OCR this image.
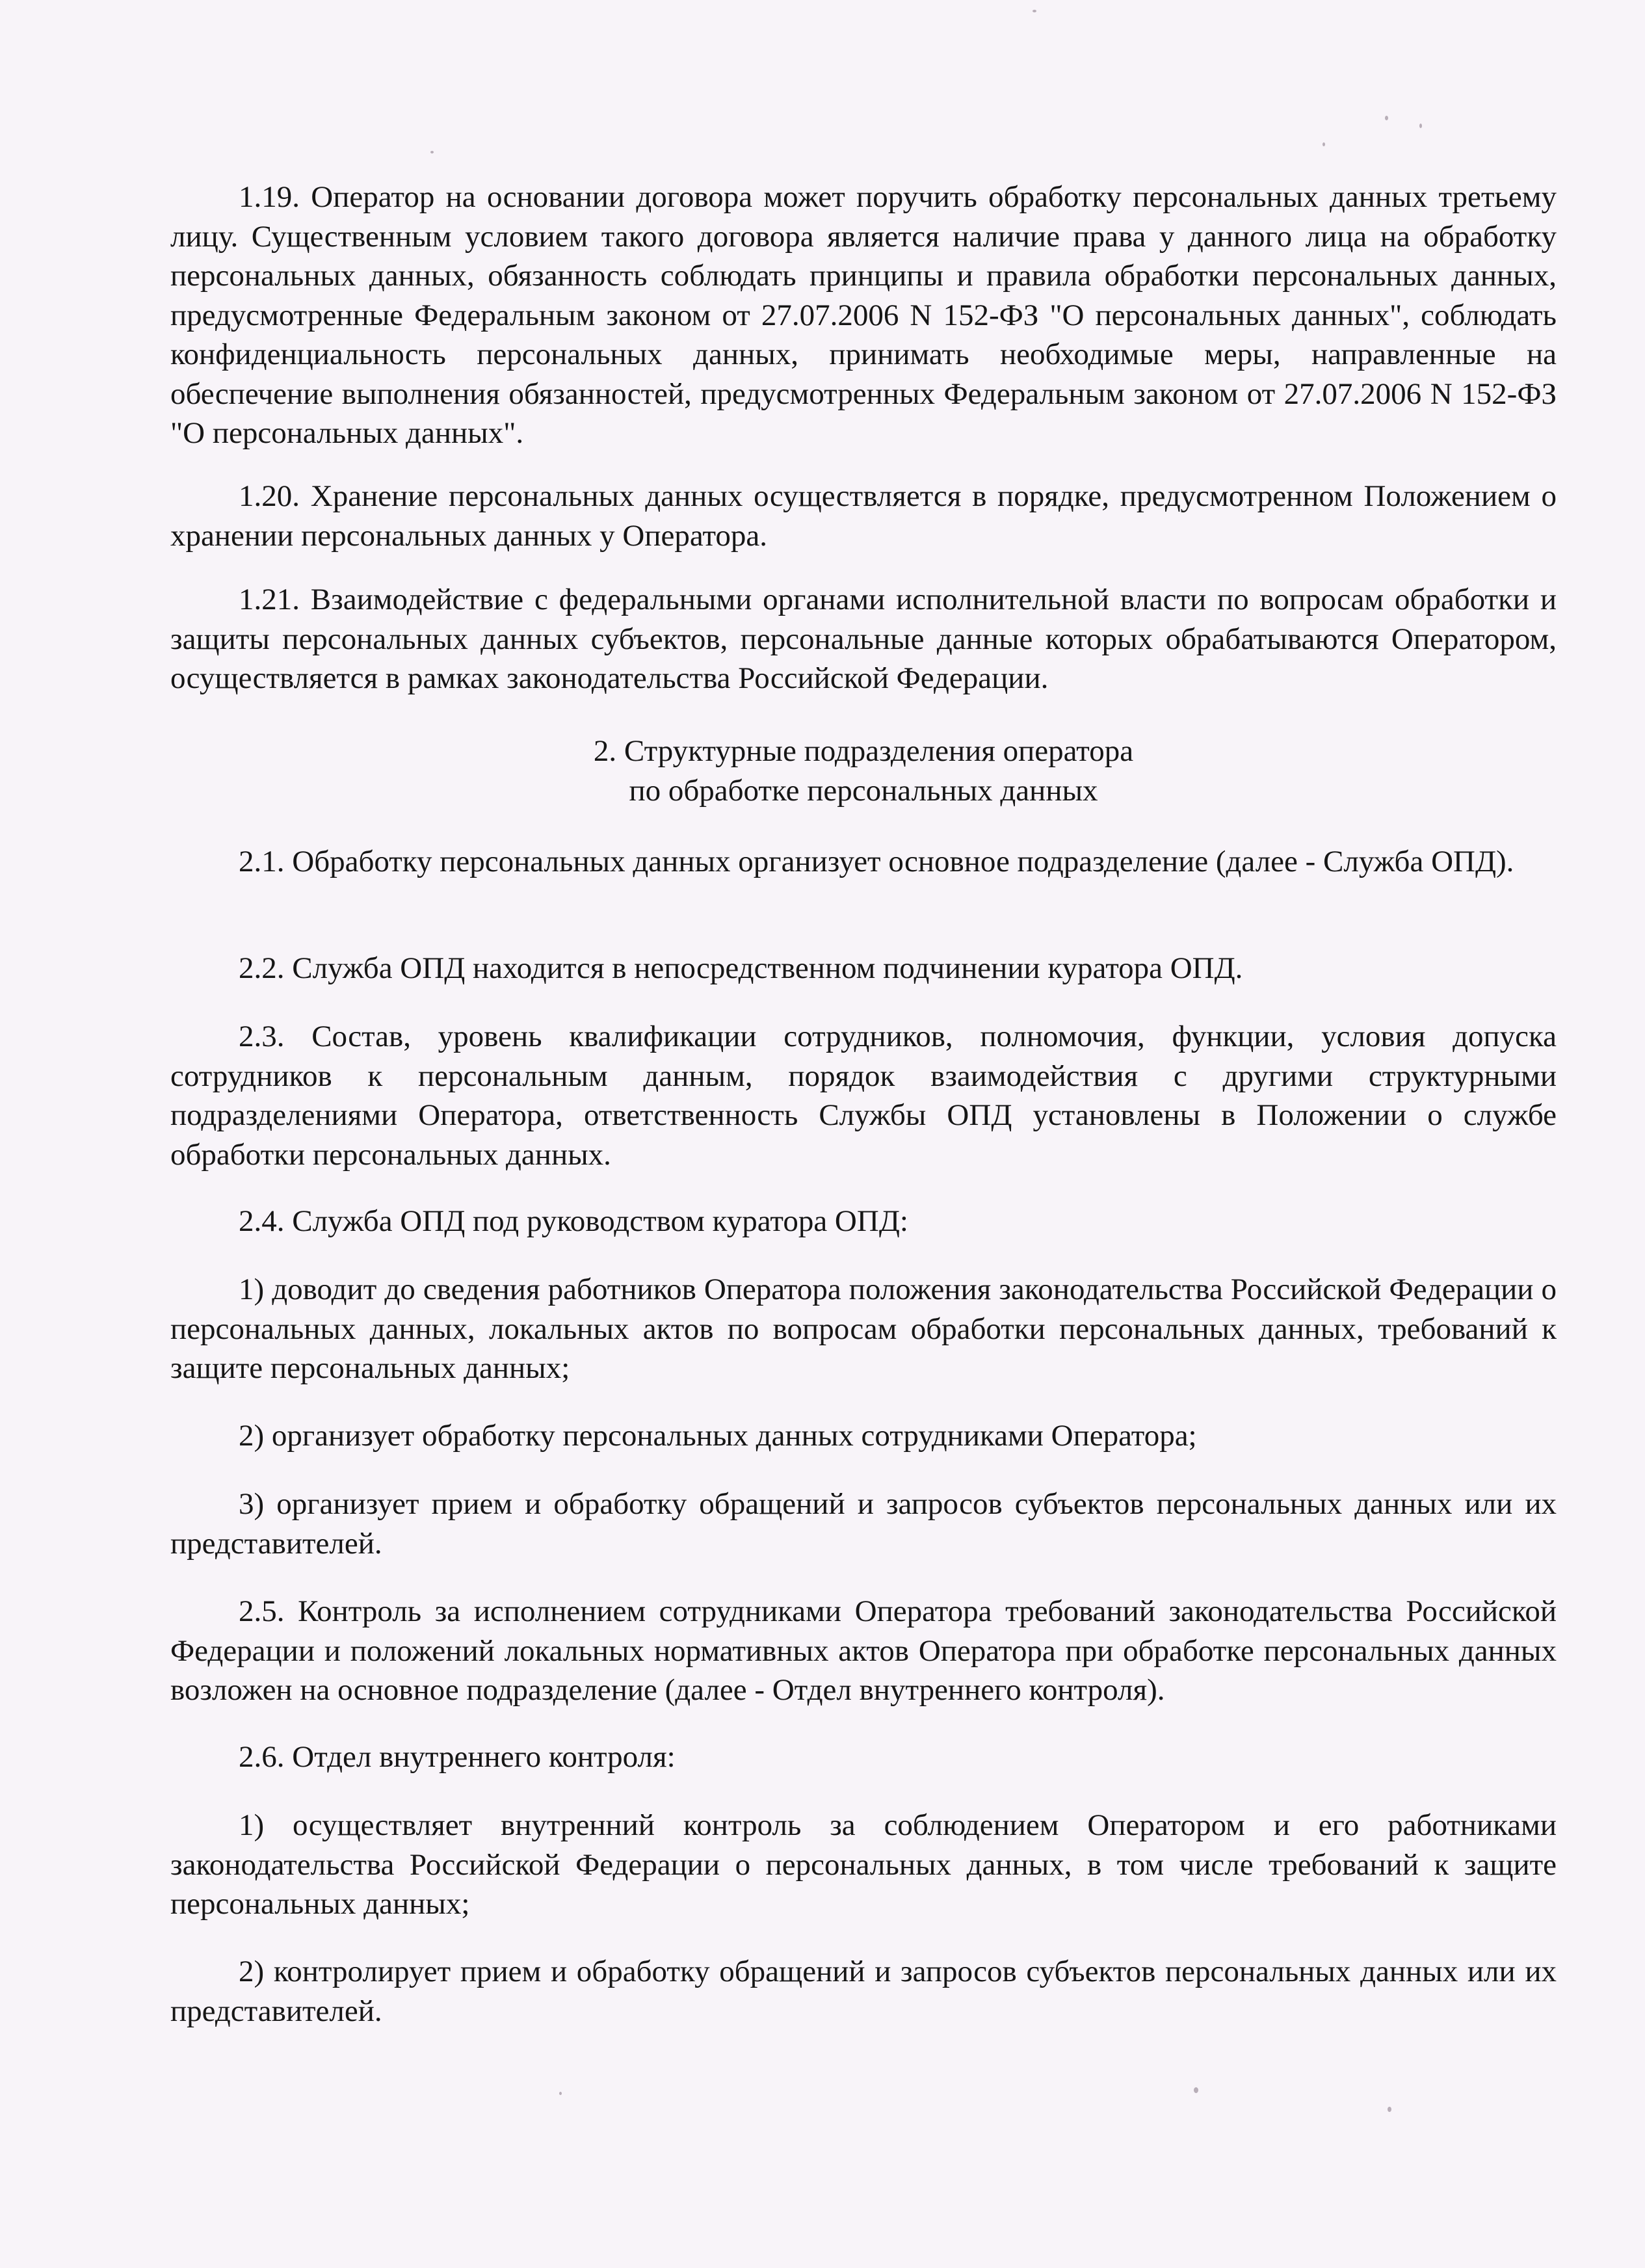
1.19. Оператор на основании договора может поручить обработку персональных данных третьему лицу. Существенным условием такого договора является наличие права у данного лица на обработку персональных данных, обязанность соблюдать принципы и правила обработки персональных данных, предусмотренные Федеральным законом от 27.07.2006 N 152-ФЗ "О персональных данных", соблюдать конфиденциальность персональных данных, принимать необходимые меры, направленные на обеспечение выполнения обязанностей, предусмотренных Федеральным законом от 27.07.2006 N 152-ФЗ "О персональных данных".

1.20. Хранение персональных данных осуществляется в порядке, предусмотренном Положением о хранении персональных данных у Оператора.

1.21. Взаимодействие с федеральными органами исполнительной власти по вопросам обработки и защиты персональных данных субъектов, персональные данные которых обрабатываются Оператором, осуществляется в рамках законодательства Российской Федерации.

2. Структурные подразделения оператора
по обработке персональных данных

2.1. Обработку персональных данных организует основное подразделение (далее - Служба ОПД).

2.2. Служба ОПД находится в непосредственном подчинении куратора ОПД.

2.3. Состав, уровень квалификации сотрудников, полномочия, функции, условия допуска сотрудников к персональным данным, порядок взаимодействия с другими структурными подразделениями Оператора, ответственность Службы ОПД установлены в Положении о службе обработки персональных данных.

2.4. Служба ОПД под руководством куратора ОПД:

1) доводит до сведения работников Оператора положения законодательства Российской Федерации о персональных данных, локальных актов по вопросам обработки персональных данных, требований к защите персональных данных;

2) организует обработку персональных данных сотрудниками Оператора;

3) организует прием и обработку обращений и запросов субъектов персональных данных или их представителей.

2.5. Контроль за исполнением сотрудниками Оператора требований законодательства Российской Федерации и положений локальных нормативных актов Оператора при обработке персональных данных возложен на основное подразделение (далее - Отдел внутреннего контроля).

2.6. Отдел внутреннего контроля:

1) осуществляет внутренний контроль за соблюдением Оператором и его работниками законодательства Российской Федерации о персональных данных, в том числе требований к защите персональных данных;

2) контролирует прием и обработку обращений и запросов субъектов персональных данных или их представителей.
